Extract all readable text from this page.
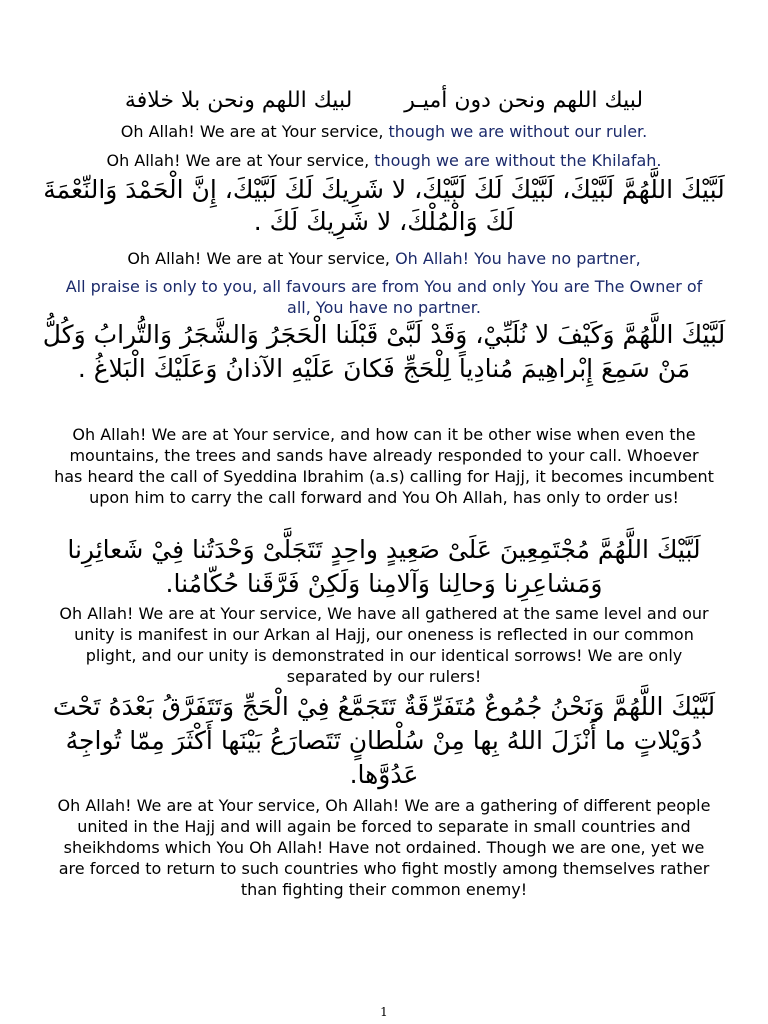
لبيك اللهم ونحن دون أميـرلبيك اللهم ونحن بلا خلافة
Oh Allah! We are at Your service, though we are without our ruler.
Oh Allah! We are at Your service, though we are without the Khilafah.

لَبَّيْكَ اللَّهُمَّ لَبَّيْكَ، لَبَّيْكَ لَكَ لَبَّيْكَ، لا شَرِيكَ لَكَ لَبَّيْكَ، إِنَّ الْحَمْدَ وَالنِّعْمَةَ لَكَ وَالْمُلْكَ، لا شَرِيكَ لَكَ .

Oh Allah! We are at Your service, Oh Allah! You have no partner,
All praise is only to you, all favours are from You and only You are The Owner of all, You have no partner.

لَبَّيْكَ اللَّهُمَّ وَكَيْفَ لا نُلَبِّيْ، وَقَدْ لَبَّىْ قَبْلَنا الْحَجَرُ وَالشَّجَرُ وَالتُّرابُ وَكُلُّ مَنْ سَمِعَ إِبْراهِيمَ مُنادِياً لِلْحَجِّ فَكانَ عَلَيْهِ الآذانُ وَعَلَيْكَ الْبَلاغُ .

Oh Allah! We are at Your service, and how can it be other wise when even the mountains, the trees and sands have already responded to your call. Whoever has heard the call of Syeddina Ibrahim (a.s) calling for Hajj, it becomes incumbent upon him to carry the call forward and You Oh Allah, has only to order us!

لَبَّيْكَ اللَّهُمَّ مُجْتَمِعِينَ عَلَىْ صَعِيدٍ واحِدٍ تَتَجَلَّىْ وَحْدَتُنا فِيْ شَعائِرِنا وَمَشاعِرِنا وَحالِنا وَآلامِنا وَلَكِنْ فَرَّقَنا حُكّامُنا.

Oh Allah! We are at Your service, We have all gathered at the same level and our unity is manifest in our Arkan al Hajj, our oneness is reflected in our common plight, and our unity is demonstrated in our identical sorrows! We are only separated by our rulers!

لَبَّيْكَ اللَّهُمَّ وَنَحْنُ جُمُوعٌ مُتَفَرِّقَةٌ تَتَجَمَّعُ فِيْ الْحَجِّ وَتَتَفَرَّقُ بَعْدَهُ تَحْتَ دُوَيْلاتٍ ما أَنْزَلَ اللهُ بِها مِنْ سُلْطانٍ تَتَصارَعُ بَيْنَها أَكْثَرَ مِمّا تُواجِهُ عَدُوَّها.

Oh Allah! We are at Your service, Oh Allah! We are a gathering of different people united in the Hajj and will again be forced to separate in small countries and sheikhdoms which You Oh Allah! Have not ordained. Though we are one, yet we are forced to return to such countries who fight mostly among themselves rather than fighting their common enemy!
1
